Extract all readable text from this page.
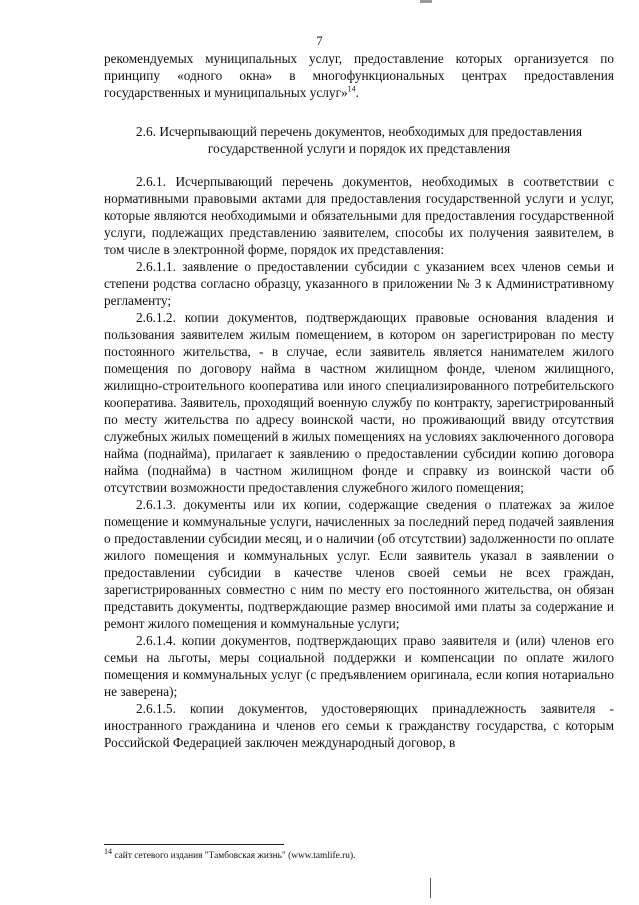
7

рекомендуемых муниципальных услуг, предоставление которых организуется по принципу «одного окна» в многофункциональных центрах предоставления государственных и муниципальных услуг»$^{14}$.

2.6. Исчерпывающий перечень документов, необходимых для предоставления государственной услуги и порядок их представления

2.6.1. Исчерпывающий перечень документов, необходимых в соответствии с нормативными правовыми актами для предоставления государственной услуги и услуг, которые являются необходимыми и обязательными для предоставления государственной услуги, подлежащих представлению заявителем, способы их получения заявителем, в том числе в электронной форме, порядок их представления:

2.6.1.1. заявление о предоставлении субсидии с указанием всех членов семьи и степени родства согласно образцу, указанного в приложении № 3 к Административному регламенту;

2.6.1.2. копии документов, подтверждающих правовые основания владения и пользования заявителем жилым помещением, в котором он зарегистрирован по месту постоянного жительства, - в случае, если заявитель является нанимателем жилого помещения по договору найма в частном жилищном фонде, членом жилищного, жилищно-строительного кооператива или иного специализированного потребительского кооператива. Заявитель, проходящий военную службу по контракту, зарегистрированный по месту жительства по адресу воинской части, но проживающий ввиду отсутствия служебных жилых помещений в жилых помещениях на условиях заключенного договора найма (поднайма), прилагает к заявлению о предоставлении субсидии копию договора найма (поднайма) в частном жилищном фонде и справку из воинской части об отсутствии возможности предоставления служебного жилого помещения;

2.6.1.3. документы или их копии, содержащие сведения о платежах за жилое помещение и коммунальные услуги, начисленных за последний перед подачей заявления о предоставлении субсидии месяц, и о наличии (об отсутствии) задолженности по оплате жилого помещения и коммунальных услуг. Если заявитель указал в заявлении о предоставлении субсидии в качестве членов своей семьи не всех граждан, зарегистрированных совместно с ним по месту его постоянного жительства, он обязан представить документы, подтверждающие размер вносимой ими платы за содержание и ремонт жилого помещения и коммунальные услуги;

2.6.1.4. копии документов, подтверждающих право заявителя и (или) членов его семьи на льготы, меры социальной поддержки и компенсации по оплате жилого помещения и коммунальных услуг (с предъявлением оригинала, если копия нотариально не заверена);

2.6.1.5. копии документов, удостоверяющих принадлежность заявителя - иностранного гражданина и членов его семьи к гражданству государства, с которым Российской Федерацией заключен международный договор, в

$^{14}$ сайт сетевого издания "Тамбовская жизнь" (www.tamlife.ru).
